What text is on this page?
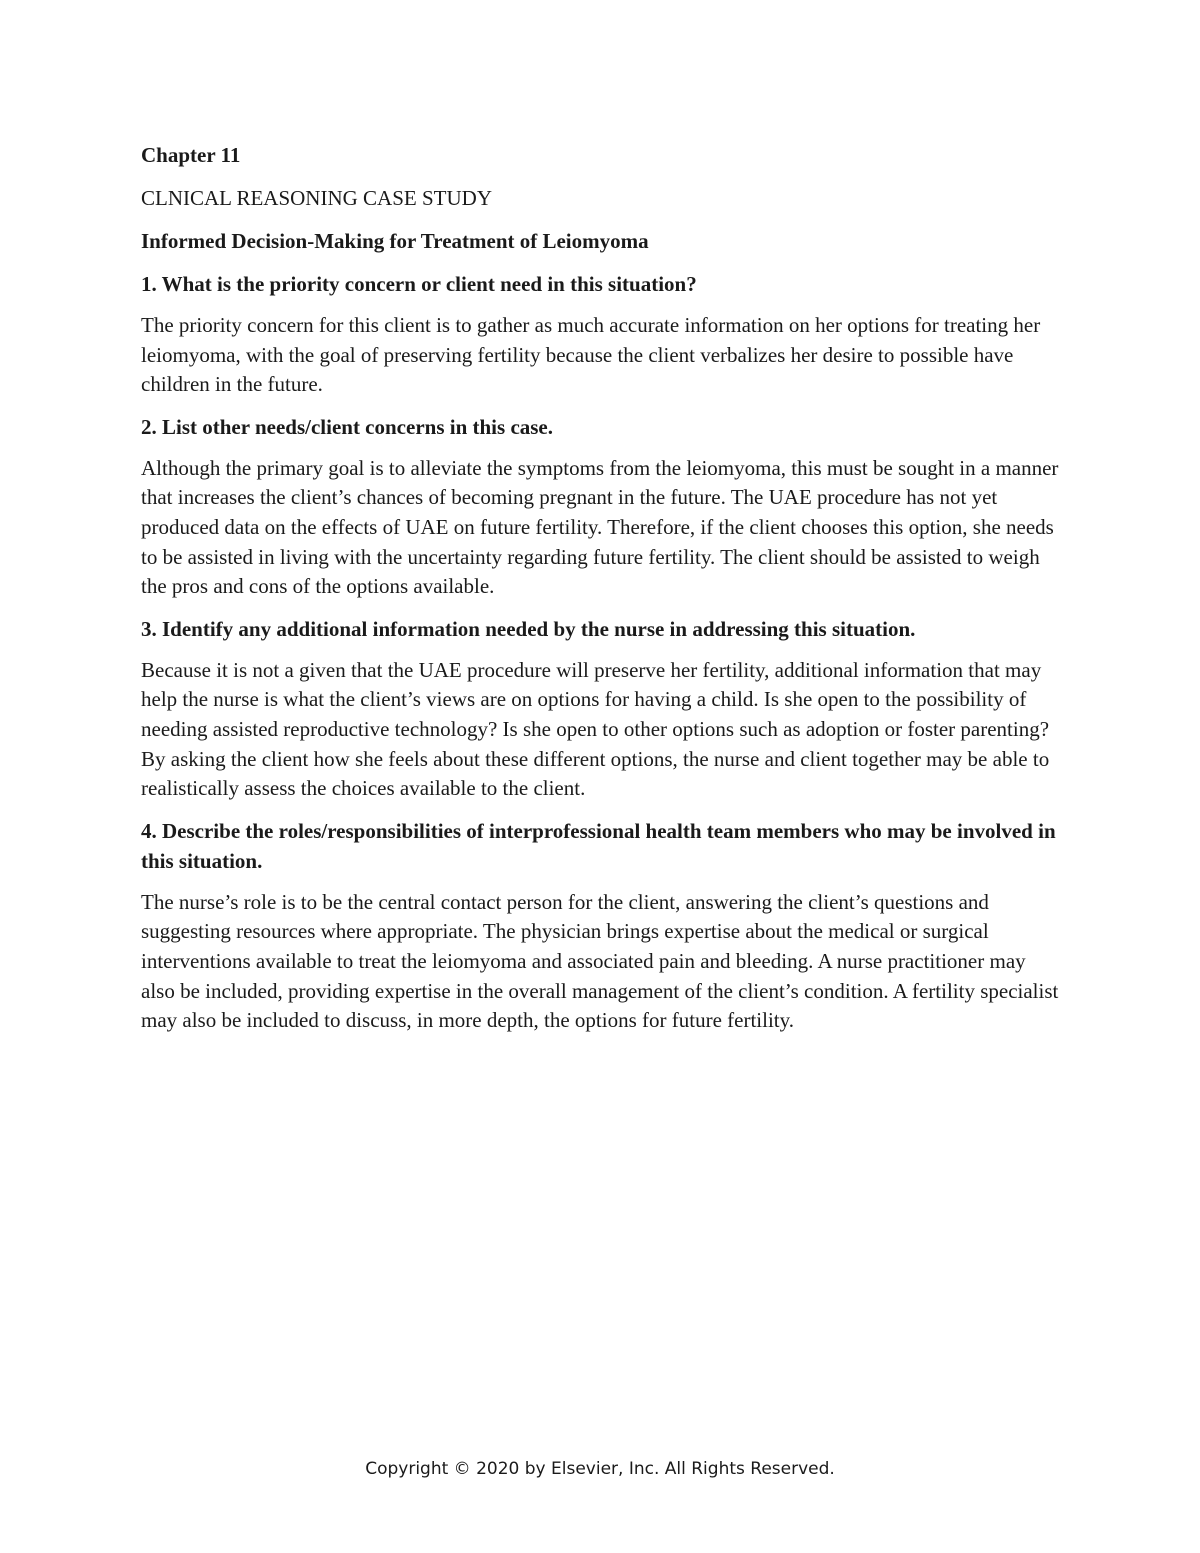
Chapter 11
CLNICAL REASONING CASE STUDY
Informed Decision-Making for Treatment of Leiomyoma
1. What is the priority concern or client need in this situation?
The priority concern for this client is to gather as much accurate information on her options for treating her leiomyoma, with the goal of preserving fertility because the client verbalizes her desire to possible have children in the future.
2. List other needs/client concerns in this case.
Although the primary goal is to alleviate the symptoms from the leiomyoma, this must be sought in a manner that increases the client’s chances of becoming pregnant in the future. The UAE procedure has not yet produced data on the effects of UAE on future fertility. Therefore, if the client chooses this option, she needs to be assisted in living with the uncertainty regarding future fertility. The client should be assisted to weigh the pros and cons of the options available.
3. Identify any additional information needed by the nurse in addressing this situation.
Because it is not a given that the UAE procedure will preserve her fertility, additional information that may help the nurse is what the client’s views are on options for having a child. Is she open to the possibility of needing assisted reproductive technology? Is she open to other options such as adoption or foster parenting? By asking the client how she feels about these different options, the nurse and client together may be able to realistically assess the choices available to the client.
4. Describe the roles/responsibilities of interprofessional health team members who may be involved in this situation.
The nurse’s role is to be the central contact person for the client, answering the client’s questions and suggesting resources where appropriate. The physician brings expertise about the medical or surgical interventions available to treat the leiomyoma and associated pain and bleeding. A nurse practitioner may also be included, providing expertise in the overall management of the client’s condition. A fertility specialist may also be included to discuss, in more depth, the options for future fertility.
Copyright © 2020 by Elsevier, Inc. All Rights Reserved.
